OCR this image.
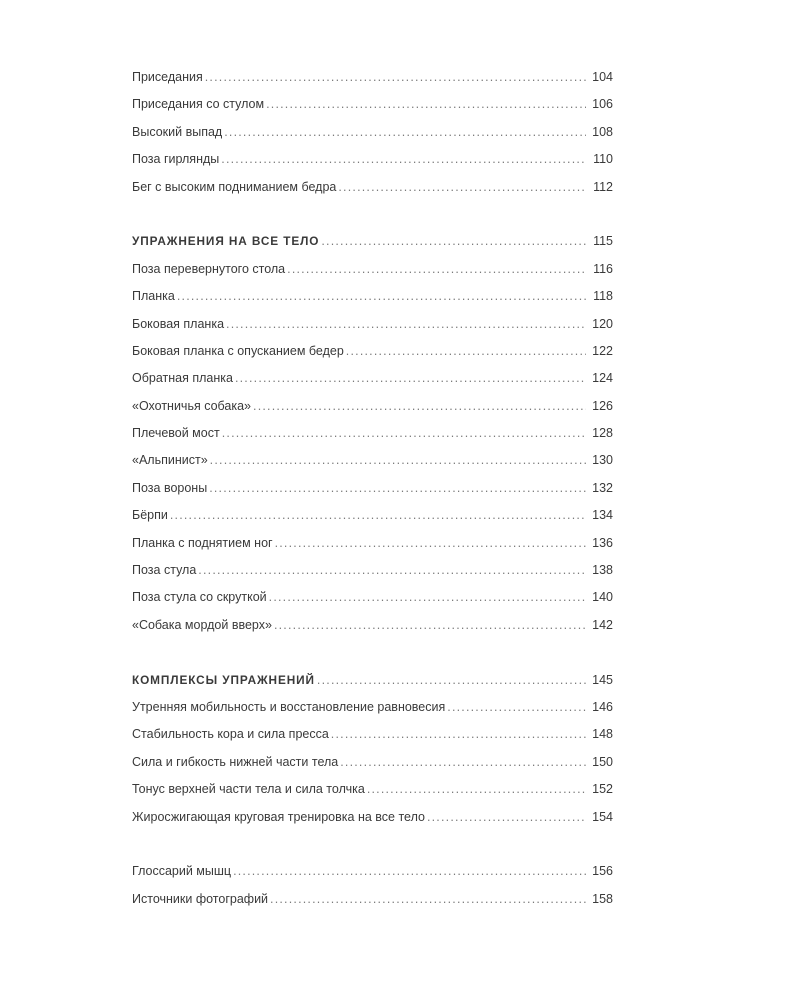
Приседания .....	104
Приседания со стулом .....	106
Высокий выпад .....	108
Поза гирлянды .....	110
Бег с высоким подниманием бедра .....	112
УПРАЖНЕНИЯ НА ВСЕ ТЕЛО .....	115
Поза перевернутого стола .....	116
Планка .....	118
Боковая планка .....	120
Боковая планка с опусканием бедер .....	122
Обратная планка .....	124
«Охотничья собака» .....	126
Плечевой мост .....	128
«Альпинист» .....	130
Поза вороны .....	132
Бёрпи .....	134
Планка с поднятием ног .....	136
Поза стула .....	138
Поза стула со скруткой .....	140
«Собака мордой вверх» .....	142
КОМПЛЕКСЫ УПРАЖНЕНИЙ .....	145
Утренняя мобильность и восстановление равновесия .....	146
Стабильность кора и сила пресса .....	148
Сила и гибкость нижней части тела .....	150
Тонус верхней части тела и сила толчка .....	152
Жиросжигающая круговая тренировка на все тело .....	154
Глоссарий мышц .....	156
Источники фотографий .....	158
